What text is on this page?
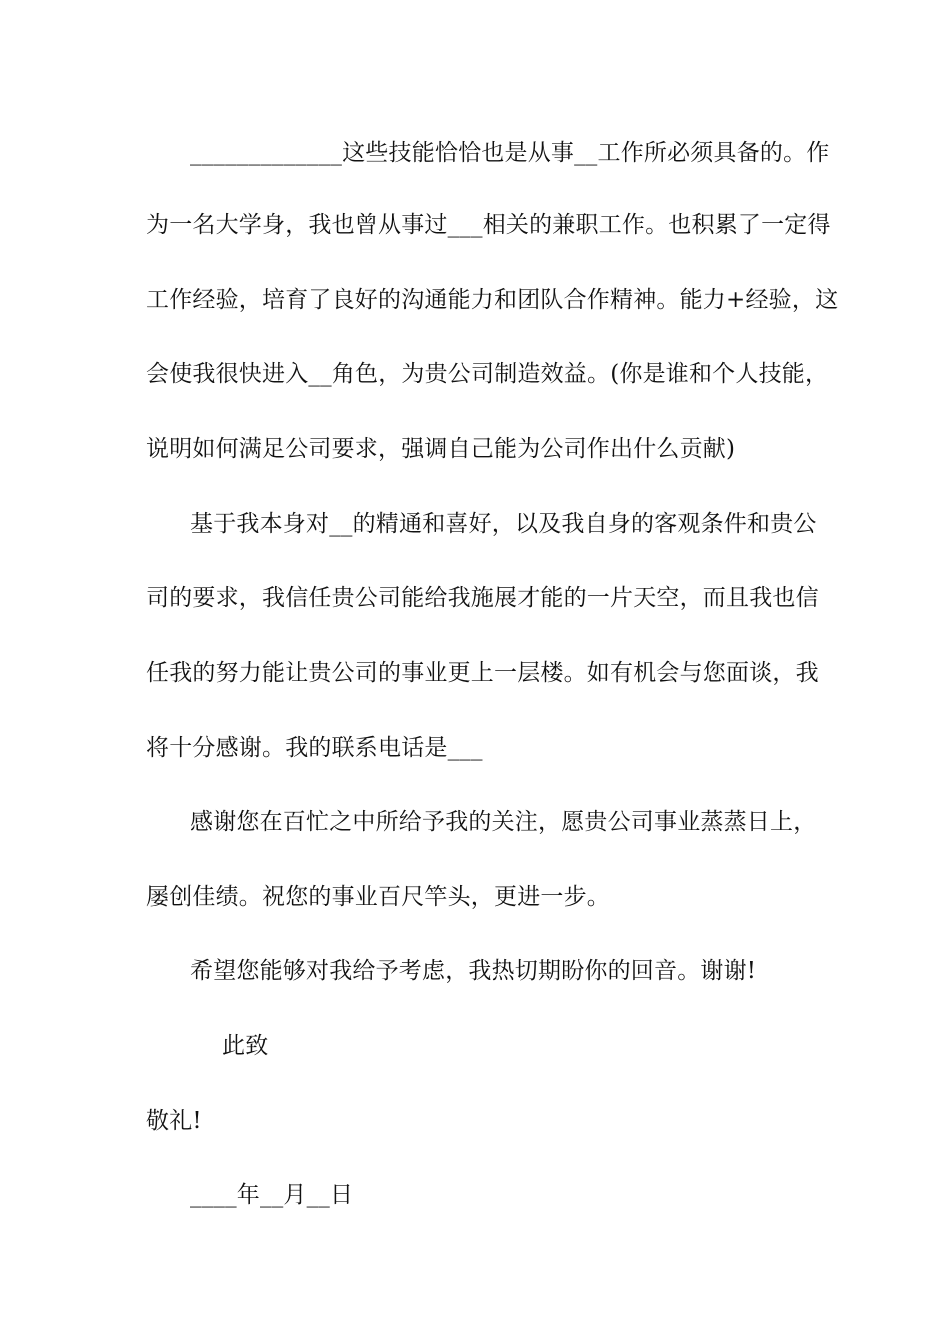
_____________这些技能恰恰也是从事__工作所必须具备的。作
为一名大学身，我也曾从事过___相关的兼职工作。也积累了一定得
工作经验，培育了良好的沟通能力和团队合作精神。能力+经验，这
会使我很快进入__角色，为贵公司制造效益。(你是谁和个人技能，
说明如何满足公司要求，强调自己能为公司作出什么贡献)
基于我本身对__的精通和喜好，以及我自身的客观条件和贵公
司的要求，我信任贵公司能给我施展才能的一片天空，而且我也信
任我的努力能让贵公司的事业更上一层楼。如有机会与您面谈，我
将十分感谢。我的联系电话是___
感谢您在百忙之中所给予我的关注，愿贵公司事业蒸蒸日上，
屡创佳绩。祝您的事业百尺竿头，更进一步。
希望您能够对我给予考虑，我热切期盼你的回音。谢谢!
此致
敬礼!
____年__月__日
